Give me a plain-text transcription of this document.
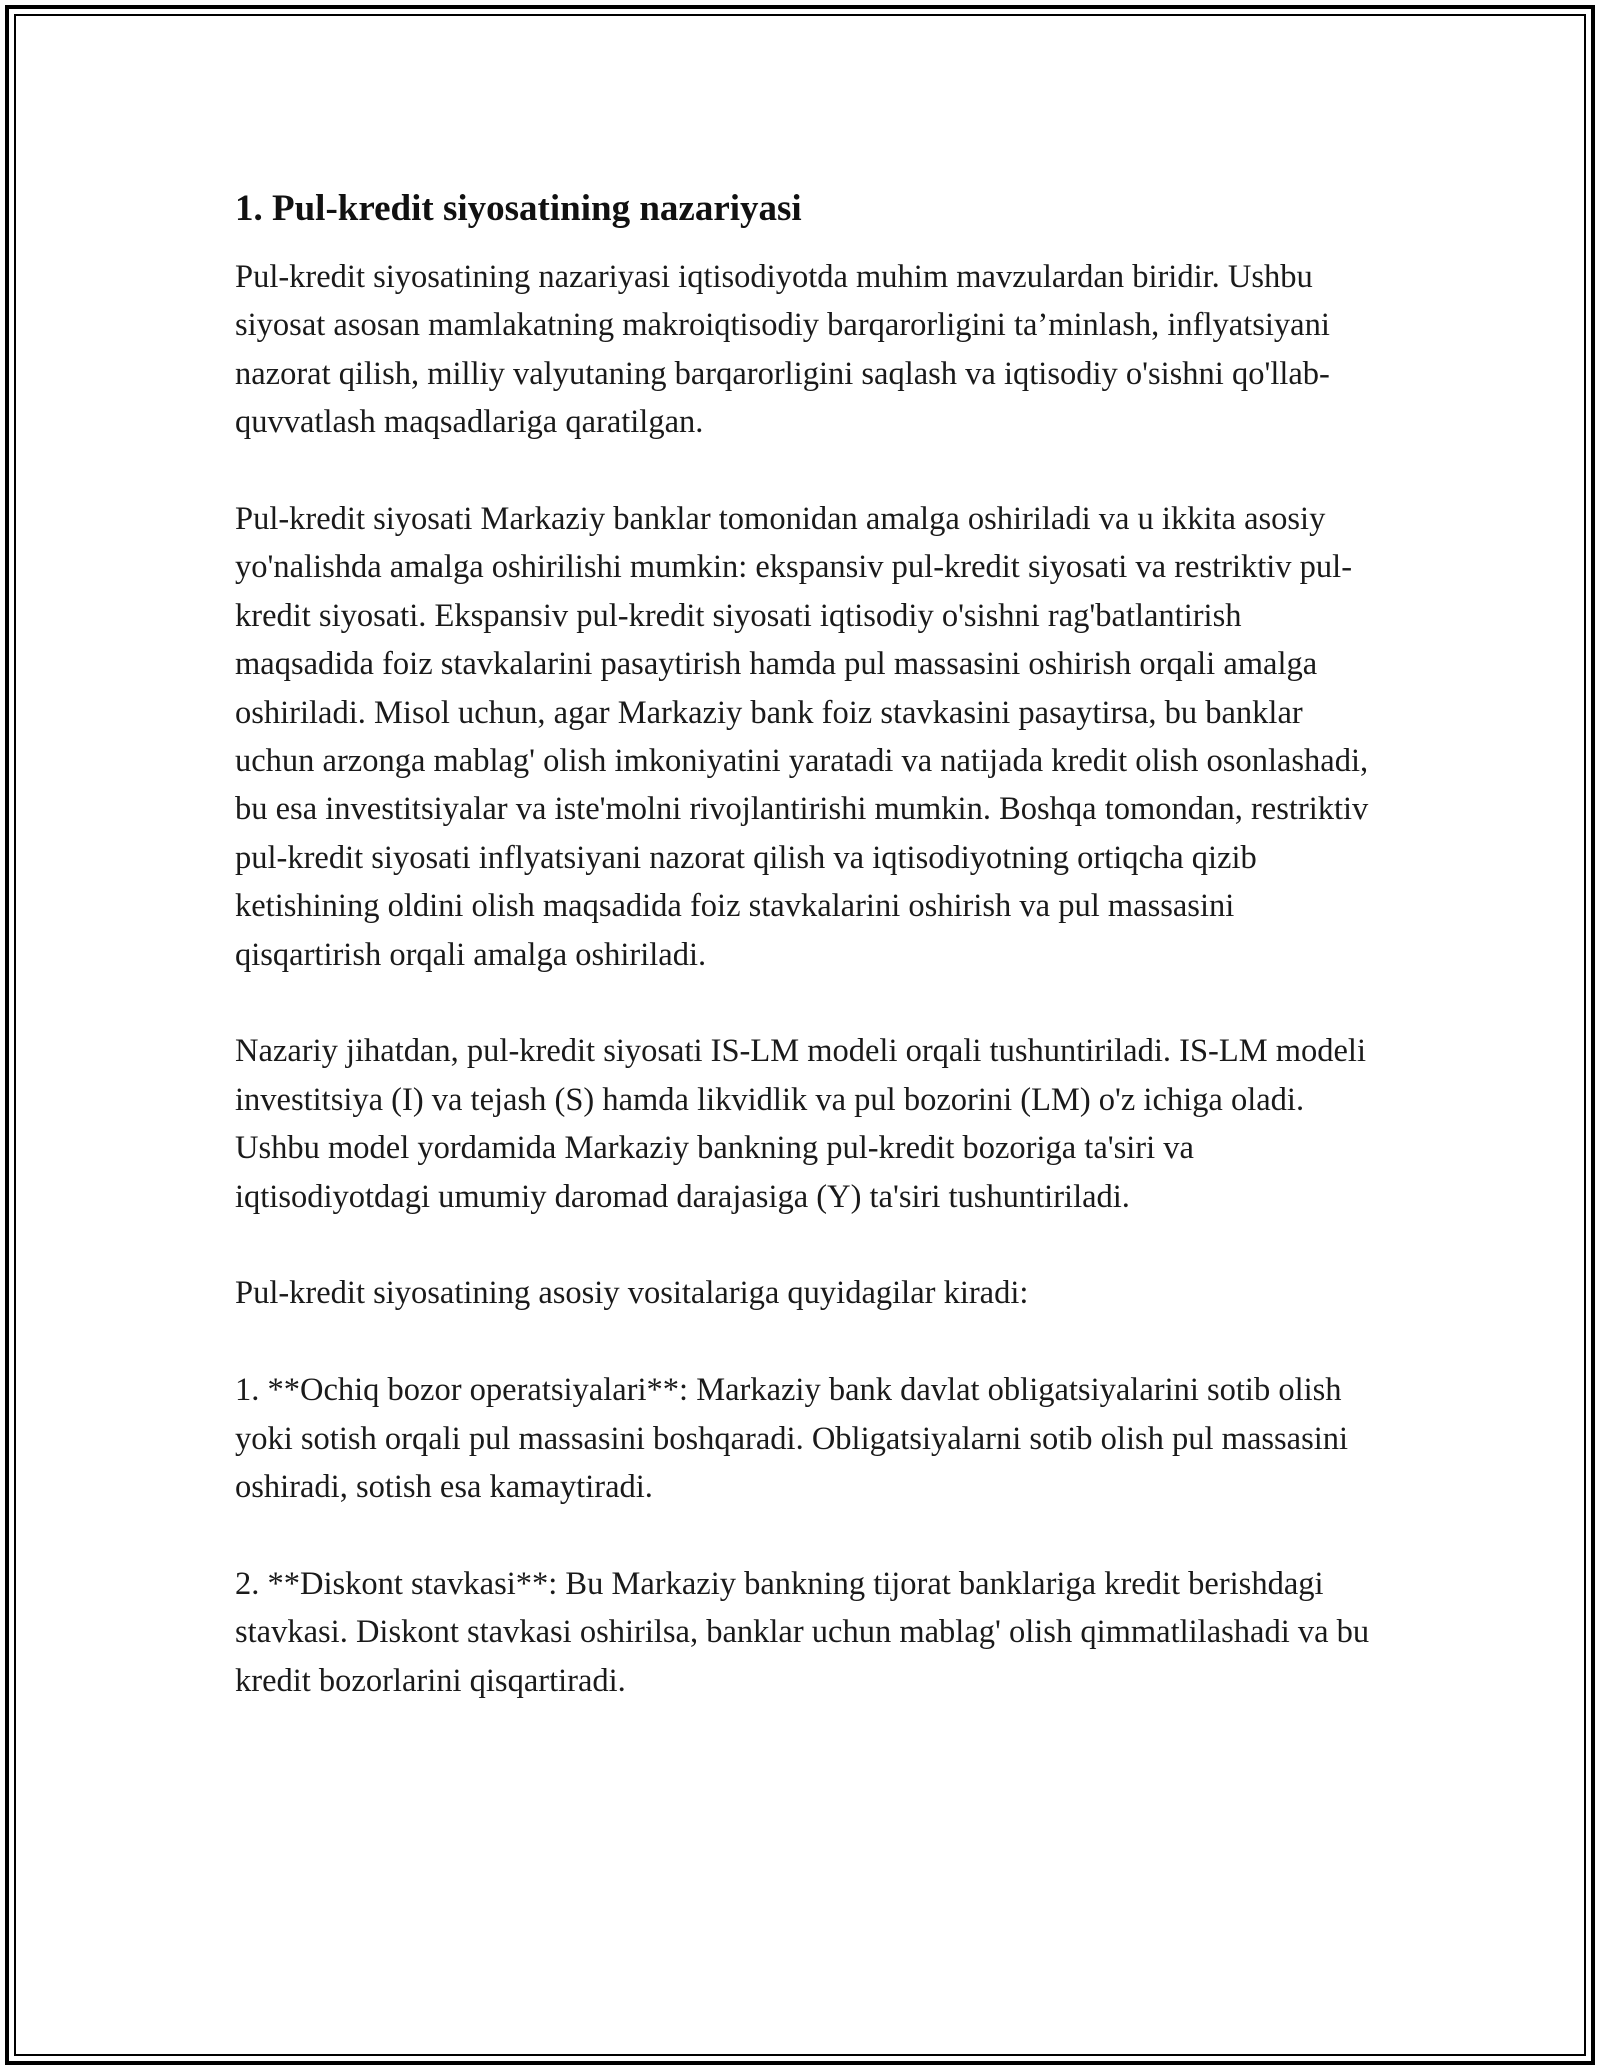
1. Pul-kredit siyosatining nazariyasi

Pul-kredit siyosatining nazariyasi iqtisodiyotda muhim mavzulardan biridir. Ushbu siyosat asosan mamlakatning makroiqtisodiy barqarorligini ta’minlash, inflyatsiyani nazorat qilish, milliy valyutaning barqarorligini saqlash va iqtisodiy o'sishni qo'llab-quvvatlash maqsadlariga qaratilgan.

Pul-kredit siyosati Markaziy banklar tomonidan amalga oshiriladi va u ikkita asosiy yo'nalishda amalga oshirilishi mumkin: ekspansiv pul-kredit siyosati va restriktiv pul-kredit siyosati. Ekspansiv pul-kredit siyosati iqtisodiy o'sishni rag'batlantirish maqsadida foiz stavkalarini pasaytirish hamda pul massasini oshirish orqali amalga oshiriladi. Misol uchun, agar Markaziy bank foiz stavkasini pasaytirsa, bu banklar uchun arzonga mablag' olish imkoniyatini yaratadi va natijada kredit olish osonlashadi, bu esa investitsiyalar va iste'molni rivojlantirishi mumkin. Boshqa tomondan, restriktiv pul-kredit siyosati inflyatsiyani nazorat qilish va iqtisodiyotning ortiqcha qizib ketishining oldini olish maqsadida foiz stavkalarini oshirish va pul massasini qisqartirish orqali amalga oshiriladi.

Nazariy jihatdan, pul-kredit siyosati IS-LM modeli orqali tushuntiriladi. IS-LM modeli investitsiya (I) va tejash (S) hamda likvidlik va pul bozorini (LM) o'z ichiga oladi. Ushbu model yordamida Markaziy bankning pul-kredit bozoriga ta'siri va iqtisodiyotdagi umumiy daromad darajasiga (Y) ta'siri tushuntiriladi.

Pul-kredit siyosatining asosiy vositalariga quyidagilar kiradi:

1. **Ochiq bozor operatsiyalari**: Markaziy bank davlat obligatsiyalarini sotib olish yoki sotish orqali pul massasini boshqaradi. Obligatsiyalarni sotib olish pul massasini oshiradi, sotish esa kamaytiradi.

2. **Diskont stavkasi**: Bu Markaziy bankning tijorat banklariga kredit berishdagi stavkasi. Diskont stavkasi oshirilsa, banklar uchun mablag' olish qimmatlilashadi va bu kredit bozorlarini qisqartiradi.
